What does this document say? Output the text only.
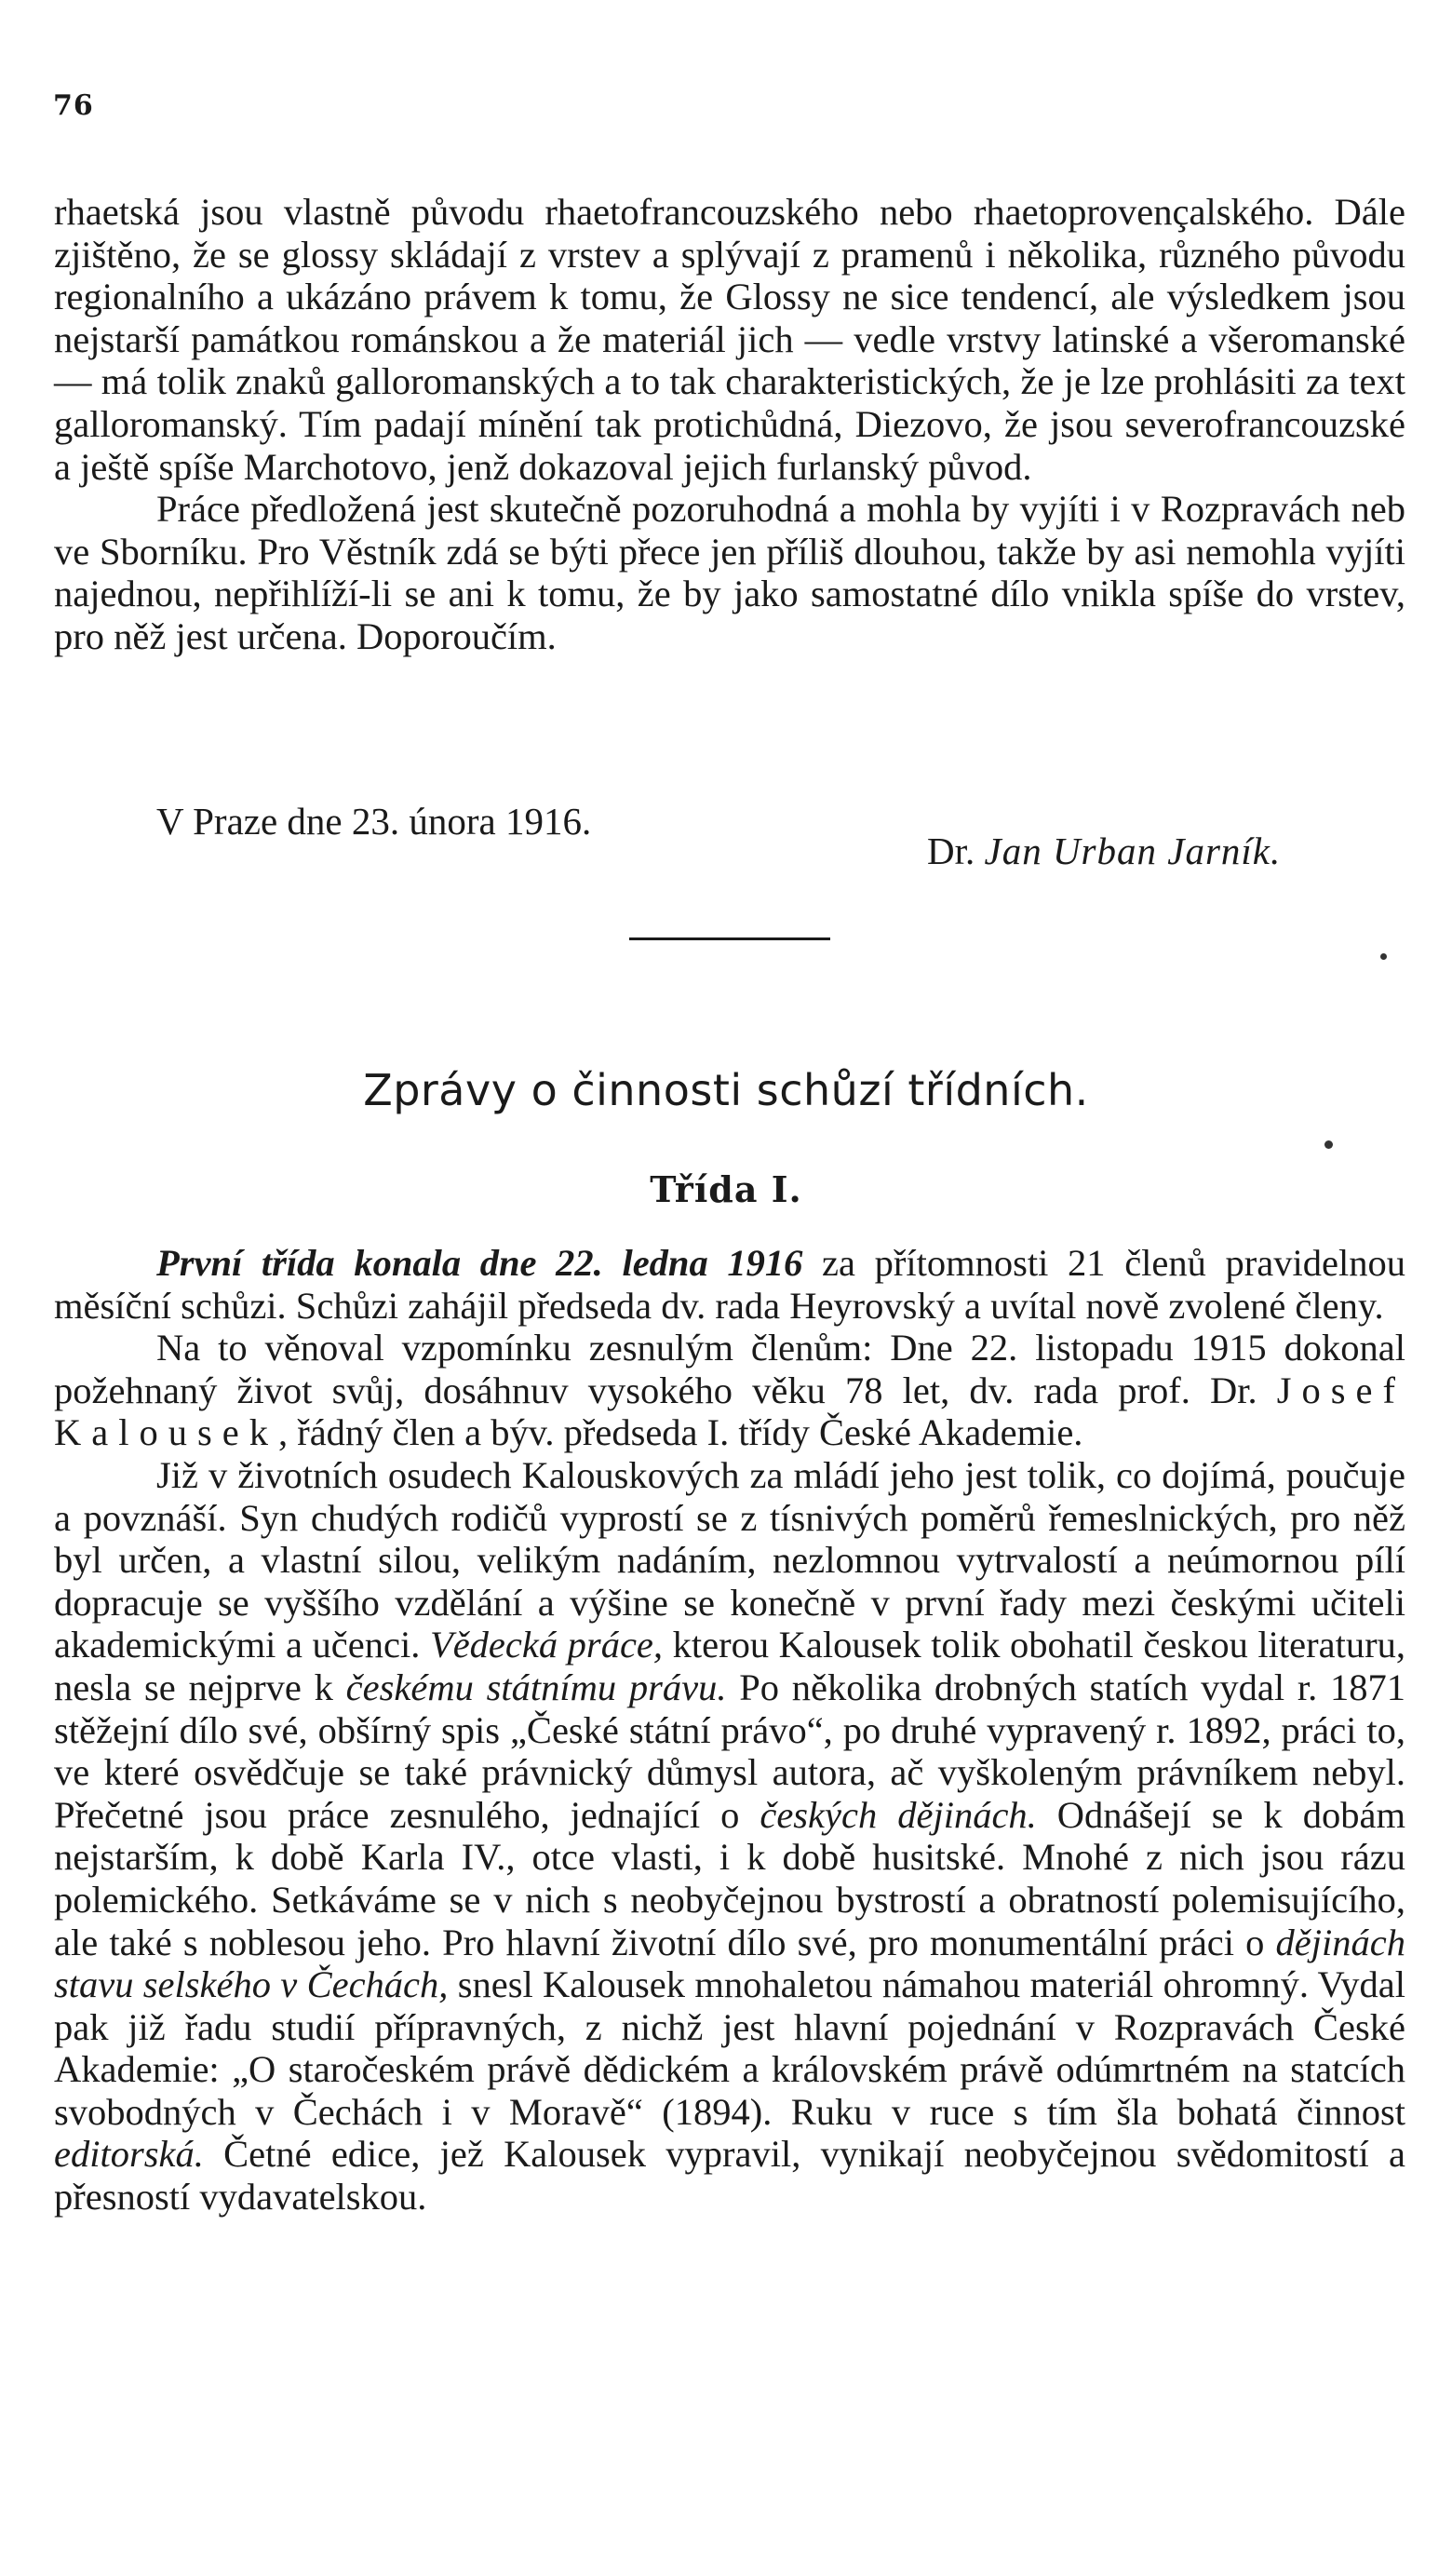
76

rhaetská jsou vlastně původu rhaetofrancouzského nebo rhaetoprovençalského. Dále zjištěno, že se glossy skládají z vrstev a splývají z pramenů i několika, různého původu regionalního a ukázáno právem k tomu, že Glossy ne sice tendencí, ale výsledkem jsou nejstarší památkou románskou a že materiál jich — vedle vrstvy latinské a všeromanské — má tolik znaků galloromanských a to tak charakteristických, že je lze prohlásiti za text galloromanský. Tím padají mínění tak protichůdná, Diezovo, že jsou severofrancouzské a ještě spíše Marchotovo, jenž dokazoval jejich furlanský původ.

Práce předložená jest skutečně pozoruhodná a mohla by vyjíti i v Rozpravách neb ve Sborníku. Pro Věstník zdá se býti přece jen příliš dlouhou, takže by asi nemohla vyjíti najednou, nepřihlíží-li se ani k tomu, že by jako samostatné dílo vnikla spíše do vrstev, pro něž jest určena. Doporoučím.

V Praze dne 23. února 1916.
Dr. Jan Urban Jarník.
Zprávy o činnosti schůzí třídních.
Třída I.

První třída konala dne 22. ledna 1916 za přítomnosti 21 členů pravidelnou měsíční schůzi. Schůzi zahájil předseda dv. rada Heyrovský a uvítal nově zvolené členy.

Na to věnoval vzpomínku zesnulým členům: Dne 22. listopadu 1915 dokonal požehnaný život svůj, dosáhnuv vysokého věku 78 let, dv. rada prof. Dr. Josef Kalousek, řádný člen a býv. předseda I. třídy České Akademie.

Již v životních osudech Kalouskových za mládí jeho jest tolik, co dojímá, poučuje a povznáší. Syn chudých rodičů vyprostí se z tísnivých poměrů řemeslnických, pro něž byl určen, a vlastní silou, velikým nadáním, nezlomnou vytrvalostí a neúmornou pílí dopracuje se vyššího vzdělání a výšine se konečně v první řady mezi českými učiteli akademickými a učenci. Vědecká práce, kterou Kalousek tolik obohatil českou literaturu, nesla se nejprve k českému státnímu právu. Po několika drobných statích vydal r. 1871 stěžejní dílo své, obšírný spis „České státní právo“, po druhé vypravený r. 1892, práci to, ve které osvědčuje se také právnický důmysl autora, ač vyškoleným právníkem nebyl. Přečetné jsou práce zesnulého, jednající o českých dějinách. Odnášejí se k dobám nejstarším, k době Karla IV., otce vlasti, i k době husitské. Mnohé z nich jsou rázu polemického. Setkáváme se v nich s neobyčejnou bystrostí a obratností polemisujícího, ale také s noblesou jeho. Pro hlavní životní dílo své, pro monumentální práci o dějinách stavu selského v Čechách, snesl Kalousek mnohaletou námahou materiál ohromný. Vydal pak již řadu studií přípravných, z nichž jest hlavní pojednání v Rozpravách České Akademie: „O staročeském právě dědickém a královském právě odúmrtném na statcích svobodných v Čechách i v Moravě“ (1894). Ruku v ruce s tím šla bohatá činnost editorská. Četné edice, jež Kalousek vypravil, vynikají neobyčejnou svědomitostí a přesností vydavatelskou.
